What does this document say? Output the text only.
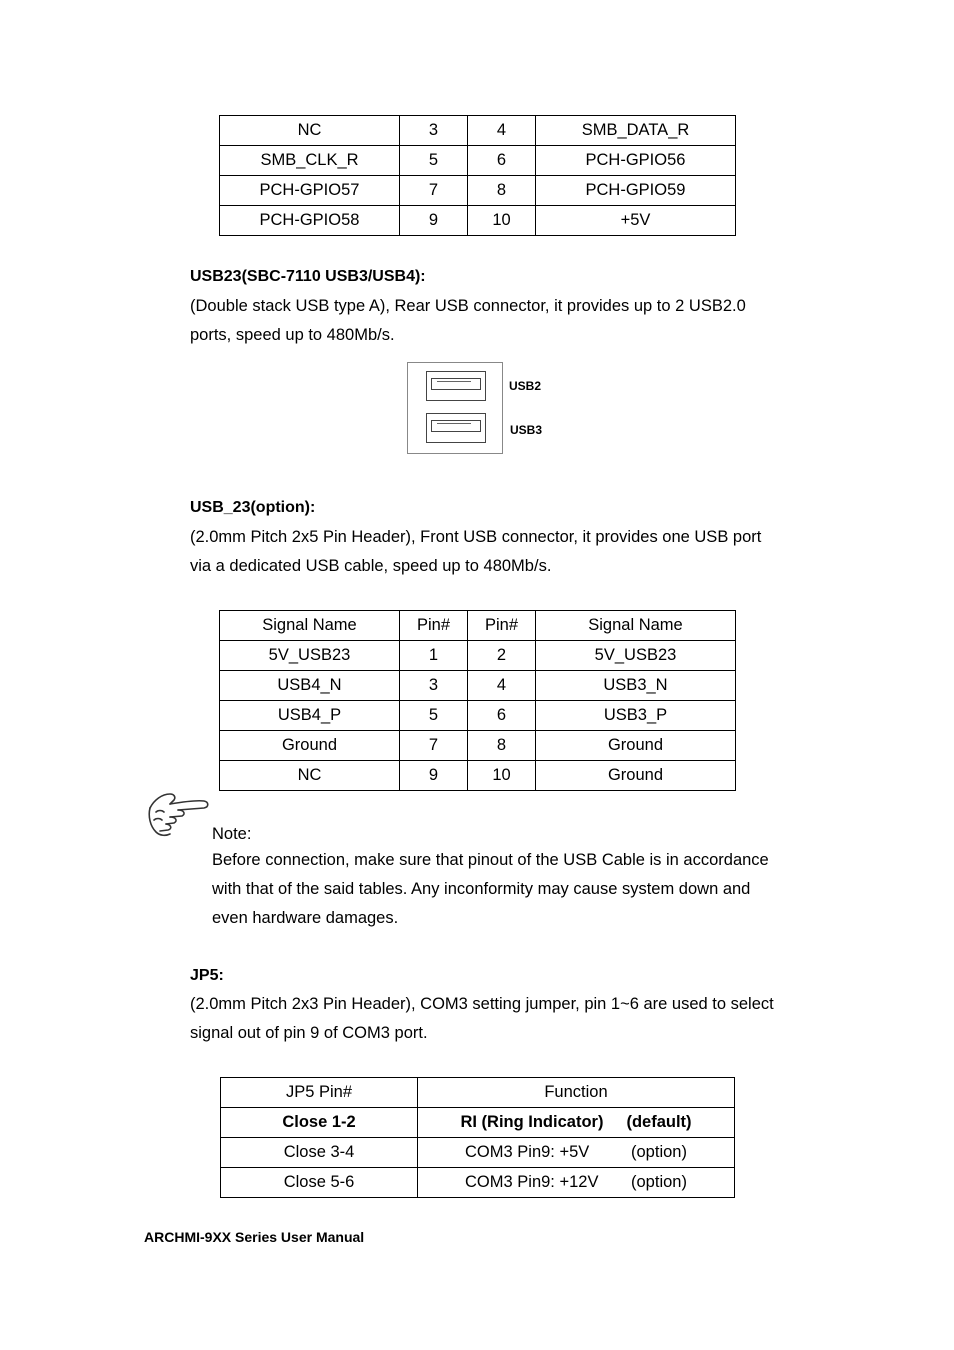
NC	3	4	SMB_DATA_R
SMB_CLK_R	5	6	PCH-GPIO56
PCH-GPIO57	7	8	PCH-GPIO59
PCH-GPIO58	9	10	+5V
USB23(SBC-7110 USB3/USB4):
(Double stack USB type A), Rear USB connector, it provides up to 2 USB2.0
ports, speed up to 480Mb/s.
USB2
USB3
USB_23(option):
(2.0mm Pitch 2x5 Pin Header), Front USB connector, it provides one USB port
via a dedicated USB cable, speed up to 480Mb/s.
Signal Name	Pin#	Pin#	Signal Name
5V_USB23	1	2	5V_USB23
USB4_N	3	4	USB3_N
USB4_P	5	6	USB3_P
Ground	7	8	Ground
NC	9	10	Ground
Note:
Before connection, make sure that pinout of the USB Cable is in accordance
with that of the said tables. Any inconformity may cause system down and
even hardware damages.
JP5:
(2.0mm Pitch 2x3 Pin Header), COM3 setting jumper, pin 1~6 are used to select
signal out of pin 9 of COM3 port.
JP5 Pin#	Function
Close 1-2	RI (Ring Indicator) (default)
Close 3-4	COM3 Pin9: +5V (option)
Close 5-6	COM3 Pin9: +12V (option)
ARCHMI-9XX Series User Manual
